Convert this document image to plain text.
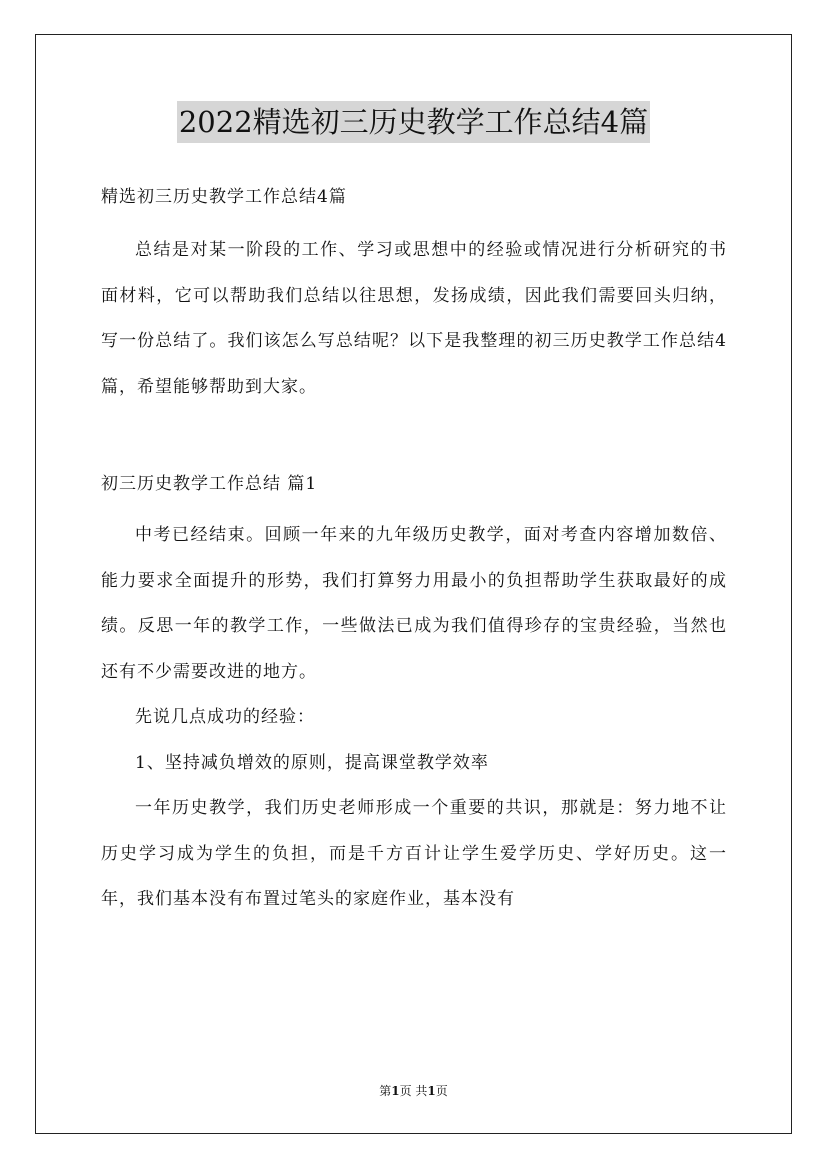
2022精选初三历史教学工作总结4篇
精选初三历史教学工作总结4篇

总结是对某一阶段的工作、学习或思想中的经验或情况进行分析研究的书面材料，它可以帮助我们总结以往思想，发扬成绩，因此我们需要回头归纳，写一份总结了。我们该怎么写总结呢？以下是我整理的初三历史教学工作总结4篇，希望能够帮助到大家。

初三历史教学工作总结 篇1

中考已经结束。回顾一年来的九年级历史教学，面对考查内容增加数倍、能力要求全面提升的形势，我们打算努力用最小的负担帮助学生获取最好的成绩。反思一年的教学工作，一些做法已成为我们值得珍存的宝贵经验，当然也还有不少需要改进的地方。

先说几点成功的经验：

1、坚持减负增效的原则，提高课堂教学效率

一年历史教学，我们历史老师形成一个重要的共识，那就是：努力地不让历史学习成为学生的负担，而是千方百计让学生爱学历史、学好历史。这一年，我们基本没有布置过笔头的家庭作业，基本没有

第1页 共1页
